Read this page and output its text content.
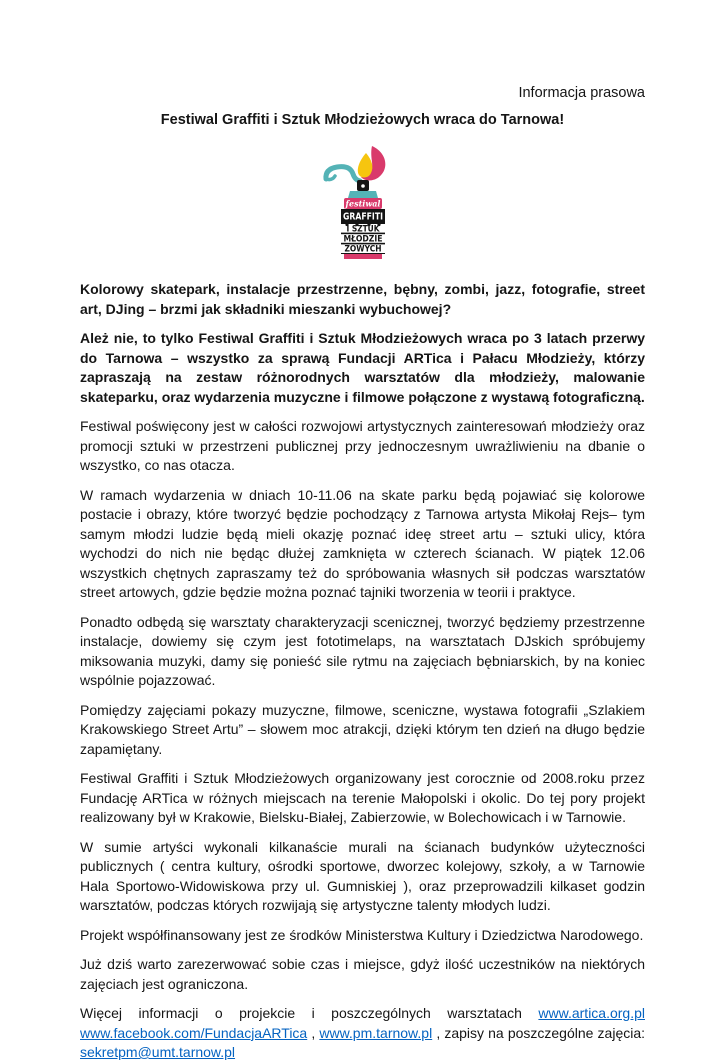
Informacja prasowa
Festiwal Graffiti i Sztuk Młodzieżowych wraca do Tarnowa!
festiwal
GRAFFITI
I SZTUK
MŁODZIE
ŻOWYCH

Kolorowy skatepark, instalacje przestrzenne, bębny, zombi, jazz, fotografie, street art, DJing – brzmi jak składniki mieszanki wybuchowej?

Ależ nie, to tylko Festiwal Graffiti i Sztuk Młodzieżowych wraca po 3 latach przerwy do Tarnowa – wszystko za sprawą Fundacji ARTica i Pałacu Młodzieży, którzy zapraszają na zestaw różnorodnych warsztatów dla młodzieży, malowanie skateparku, oraz wydarzenia muzyczne i filmowe połączone z wystawą fotograficzną.

Festiwal poświęcony jest w całości rozwojowi artystycznych zainteresowań młodzieży oraz promocji sztuki w przestrzeni publicznej przy jednoczesnym uwrażliwieniu na dbanie o wszystko, co nas otacza.

W ramach wydarzenia w dniach 10-11.06 na skate parku będą pojawiać się kolorowe postacie i obrazy, które tworzyć będzie pochodzący z Tarnowa artysta Mikołaj Rejs– tym samym młodzi ludzie będą mieli okazję poznać ideę street artu – sztuki ulicy, która wychodzi do nich nie będąc dłużej zamknięta w czterech ścianach. W piątek 12.06 wszystkich chętnych zapraszamy też do spróbowania własnych sił podczas warsztatów street artowych, gdzie będzie można poznać tajniki tworzenia w teorii i praktyce.

Ponadto odbędą się warsztaty charakteryzacji scenicznej, tworzyć będziemy przestrzenne instalacje, dowiemy się czym jest fototimelaps, na warsztatach DJskich spróbujemy miksowania muzyki, damy się ponieść sile rytmu na zajęciach bębniarskich, by na koniec wspólnie pojazzować.

Pomiędzy zajęciami pokazy muzyczne, filmowe, sceniczne, wystawa fotografii „Szlakiem Krakowskiego Street Artu” – słowem moc atrakcji, dzięki którym ten dzień na długo będzie zapamiętany.

Festiwal Graffiti i Sztuk Młodzieżowych organizowany jest corocznie od 2008.roku przez Fundację ARTica w różnych miejscach na terenie Małopolski i okolic. Do tej pory projekt realizowany był w Krakowie, Bielsku-Białej, Zabierzowie, w Bolechowicach i w Tarnowie.

W sumie artyści wykonali kilkanaście murali na ścianach budynków użyteczności publicznych ( centra kultury, ośrodki sportowe, dworzec kolejowy, szkoły, a w Tarnowie Hala Sportowo-Widowiskowa przy ul. Gumniskiej ), oraz przeprowadzili kilkaset godzin warsztatów, podczas których rozwijają się artystyczne talenty młodych ludzi.

Projekt współfinansowany jest ze środków Ministerstwa Kultury i Dziedzictwa Narodowego.

Już dziś warto zarezerwować sobie czas i miejsce, gdyż ilość uczestników na niektórych zajęciach jest ograniczona.

Więcej informacji o projekcie i poszczególnych warsztatach www.artica.org.pl www.facebook.com/FundacjaARTica , www.pm.tarnow.pl , zapisy na poszczególne zajęcia: sekretpm@umt.tarnow.pl
